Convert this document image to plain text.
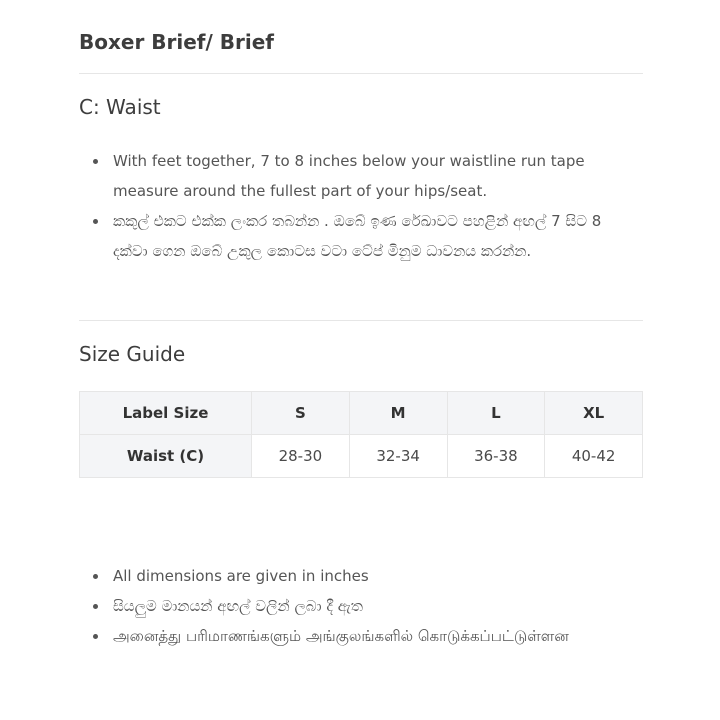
Boxer Brief/ Brief
C: Waist
With feet together, 7 to 8 inches below your waistline run tape measure around the fullest part of your hips/seat.
කකුල් එකට එක්ක ලංකර තබන්න . ඔබේ ඉණ රේඛාවට පහළින් අඟල් 7 සිට 8 දක්වා ගෙන ඔබේ උකුල කොටස වටා ටේප් මිනුම ධාවනය කරන්න.
Size Guide
Label Size	S	M	L	XL
Waist (C)	28-30	32-34	36-38	40-42
All dimensions are given in inches
සියලුම මානයන් අඟල් වලින් ලබා දී ඇත
அனைத்து பரிமாணங்களும் அங்குலங்களில் கொடுக்கப்பட்டுள்ளன
